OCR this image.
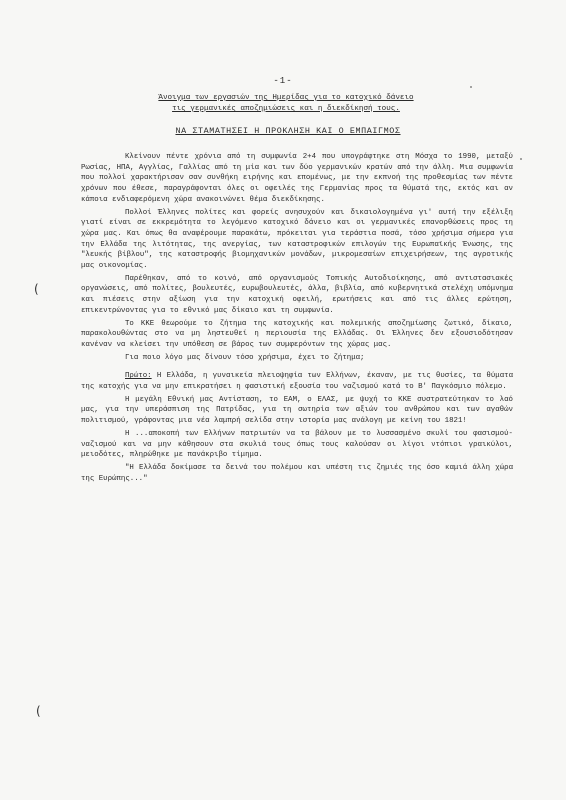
-1-
Άνοιγμα των εργασιών της Ημερίδας για το κατοχικό δάνειο
τις γερμανικές αποζημιώσεις και η διεκδίκησή τους.
ΝΑ ΣΤΑΜΑΤΗΣΕΙ Η ΠΡΟΚΛΗΣΗ ΚΑΙ Ο ΕΜΠΑΙΓΜΟΣ

Κλείνουν πέντε χρόνια από τη συμφωνία 2+4 που υπογράφτηκε στη Μόσχα το 1990, μεταξύ Ρωσίας, ΗΠΑ, Αγγλίας, Γαλλίας από τη μία και των δύο γερμανικών κρατών από την άλλη. Μια συμφωνία που πολλοί χαρακτήρισαν σαν συνθήκη ειρήνης και επομένως, με την εκπνοή της προθεσμίας των πέντε χρόνων που έθεσε, παραγράφονται όλες οι οφειλές της Γερμανίας προς τα θύματά της, εκτός και αν κάποια ενδιαφερόμενη χώρα ανακοινώνει θέμα διεκδίκησης.

Πολλοί Έλληνες πολίτες και φορείς ανησυχούν και δικαιολογημένα γι' αυτή την εξέλιξη γιατί είναι σε εκκρεμότητα το λεγόμενο κατοχικό δάνειο και οι γερμανικές επανορθώσεις προς τη χώρα μας. Και όπως θα αναφέρουμε παρακάτω, πρόκειται για τεράστια ποσά, τόσο χρήσιμα σήμερα για την Ελλάδα της λιτότητας, της ανεργίας, των καταστροφικών επιλογών της Ευρωπαϊκής Ένωσης, της "λευκής βίβλου", της καταστροφής βιομηχανικών μονάδων, μικρομεσαίων επιχειρήσεων, της αγροτικής μας οικονομίας.

Παρέθηκαν, από το κοινό, από οργανισμούς Τοπικής Αυτοδιοίκησης, από αντιστασιακές οργανώσεις, από πολίτες, βουλευτές, ευρωβουλευτές, άλλα, βιβλία, από κυβερνητικά στελέχη υπόμνημα και πιέσεις στην αξίωση για την κατοχική οφειλή, ερωτήσεις και από τις άλλες ερώτηση, επικεντρώνοντας για το εθνικό μας δίκαιο και τη συμφωνία.

Το ΚΚΕ θεωρούμε το ζήτημα της κατοχικής και πολεμικής αποζημίωσης ζωτικό, δίκαιο, παρακολουθώντας στο να μη ληστευθεί η περιουσία της Ελλάδας. Οι Έλληνες δεν εξουσιοδότησαν κανέναν να κλείσει την υπόθεση σε βάρος των συμφερόντων της χώρας μας.

Για ποιο λόγο μας δίνουν τόσο χρήσιμα, έχει το ζήτημα;

Πρώτο: Η Ελλάδα, η γυναικεία πλειοψηφία των Ελλήνων, έκαναν, με τις θυσίες, τα θύματα της κατοχής για να μην επικρατήσει η φασιστική εξουσία του ναζισμού κατά το Β' Παγκόσμιο πόλεμο.

Η μεγάλη Εθνική μας Αντίσταση, το ΕΑΜ, ο ΕΛΑΣ, με ψυχή το ΚΚΕ συστρατεύτηκαν το λαό μας, για την υπεράσπιση της Πατρίδας, για τη σωτηρία των αξιών του ανθρώπου και των αγαθών πολιτισμού, γράφοντας μια νέα λαμπρή σελίδα στην ιστορία μας ανάλογη με κείνη του 1821!

Η ...αποκοπή των Ελλήνων πατριωτών να τα βάλουν με το λυσσασμένο σκυλί του φασισμού-ναζισμού και να μην κάθησουν στα σκυλιά τους όπως τους καλούσαν οι λίγοι ντόπιοι γραικύλοι, μειοδότες, πληρώθηκε με πανάκριβο τίμημα.

"Η Ελλάδα δοκίμασε τα δεινά του πολέμου και υπέστη τις ζημιές της όσο καμιά άλλη χώρα της Ευρώπης..."

(
(
